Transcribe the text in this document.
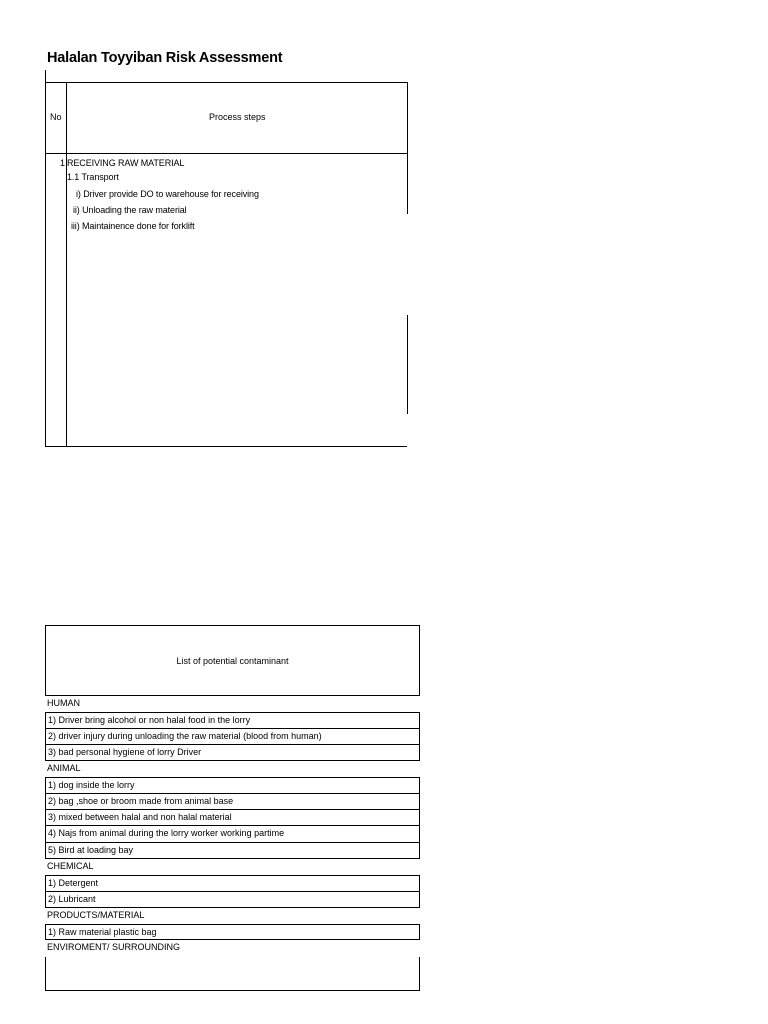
Halalan Toyyiban Risk Assessment
No	Process steps
1 RECEIVING RAW MATERIAL
1.1 Transport
i) Driver provide DO to warehouse for receiving
ii) Unloading the raw material
iii) Maintainence done for forklift
List of potential contaminant
HUMAN
1) Driver bring alcohol or non halal food in the lorry
2) driver injury during unloading the raw material (blood from human)
3) bad personal hygiene of lorry Driver
ANIMAL
1) dog inside the lorry
2) bag ,shoe or broom made from animal base
3) mixed between halal and non halal material
4) Najs from animal during the lorry worker working partime
5) Bird at loading bay
CHEMICAL
1) Detergent
2) Lubricant
PRODUCTS/MATERIAL
1) Raw material plastic bag
ENVIROMENT/ SURROUNDING
